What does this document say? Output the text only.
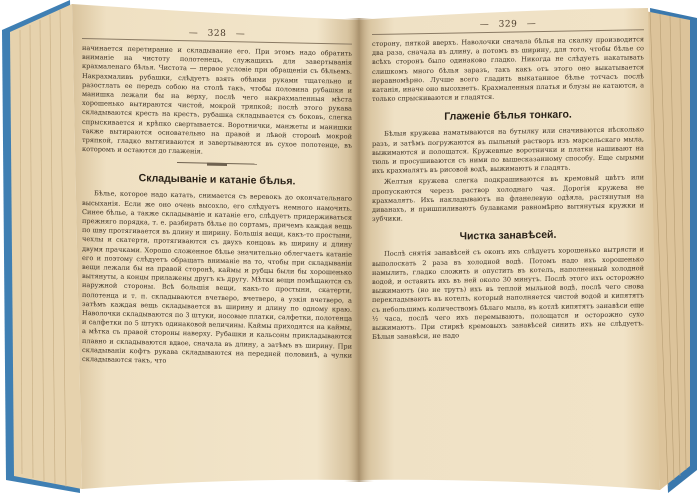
— 328 —

начинается перетирание и складывание его. При этомъ надо обратить вниманіе на чистоту полотенецъ, служащихъ для завертыванія крахмаленаго бѣлья. Чистота — первое условіе при обращеніи съ бѣльемъ. Накрахмаливъ рубашки, слѣдуетъ взять обѣими руками тщательно и разостлать ее передъ собою на столѣ такъ, чтобы половина рубашки и манишка лежали бы на верху, послѣ чего накрахмаленныя мѣста хорошенько вытираются чистой, мокрой тряпкой; послѣ этого рукава складываются кресть на крестъ, рубашка складывается съ боковъ, слегка спрыскивается и крѣпко свертывается. Воротнички, манжеты и манишки также вытираются основательно на правой и лѣвой сторонѣ мокрой тряпкой, гладко вытягиваются и завертываются въ сухое полотенце, въ которомъ и остаются до глаженія.

Складываніе и катаніе бѣлья.

Бѣлье, которое надо катать, снимается съ веревокъ до окончательнаго высыханія. Если же оно очень высохло, его слѣдуетъ немного намочить. Синее бѣлье, а также складываніе и катаніе его, слѣдуетъ придерживаться прежняго порядка, т. е. разбирать бѣлье по сортамъ, причемъ каждая вещь по шву протягивается въ длину и ширину. Большія вещи, какъ-то простыни, чехлы и скатерти, протягиваются съ двухъ концовъ въ ширину и длину двумя прачками. Хорошо сложенное бѣлье значительно облегчаетъ катаніе его и поэтому слѣдуетъ обращать вниманіе на то, чтобы при складываніи вещи лежали бы на правой сторонѣ, каймы и рубцы были бы хорошенько вытянуты, а концы прилажены другъ къ другу. Мѣтки вещи помѣщаются съ наружной стороны. Всѣ большія вещи, какъ-то простыни, скатерти, полотенца и т. п. складываются вчетверо, вчетверо, а узкія вчетверо, а затѣмъ каждая вещь складывается въ ширину и длину по одному краю. Наволочки складываются по 3 штуки, носовые платки, салфетки, полотенца и салфетки по 5 штукъ одинаковой величины. Каймы приходятся на каймы, а мѣтка съ правой стороны наверху. Рубашки и кальсоны прикладываются плавно и складываются вдвое, сначала въ длину, а затѣмъ въ ширину. При складываніи кофтъ рукава складываются на передней половинѣ, а чулки складываются такъ, что

— 329 —

сторону, пяткой вверхъ. Наволочки сначала бѣлья на скалку производится два раза, сначала въ длину, а потомъ въ ширину, для того, чтобы бѣлье со всѣхъ сторонъ было одинаково гладко. Никогда не слѣдуетъ накатывать слишкомъ много бѣлья заразъ, такъ какъ отъ этого оно выкатывается неравномѣрно. Лучше всего гладить выкатанное бѣлье тотчасъ послѣ катанія, иначе оно высохнетъ. Крахмаленныя платья и блузы не катаются, а только спрыскиваются и гладятся.

Глаженіе бѣлья тонкаго.

Бѣлыя кружева наматываются на бутылку или сначиваются нѣсколько разъ, и затѣмъ погружаются въ пыльный растворъ изъ марсельскаго мыла, выжимаются и полощатся. Кружевные воротнички и платки нашивают на тюль и просушиваются съ ними по вышесказанному способу. Еще сырыми ихъ крахмалятъ въ рисовой водѣ, выжимаютъ и гладятъ.

Желтыя кружева слегка подкрашиваются въ кремовый цвѣтъ или пропускаются черезъ раствор холоднаго чая. Дорогія кружева не крахмалятъ. Ихъ накладываютъ на фланелевую одѣяла, растянутыя на диванахъ, и пришпиливаютъ булавками равномѣрно вытянутыя кружки и зубчики.

Чистка занавѣсей.

Послѣ снятія занавѣсей съ оконъ ихъ слѣдуетъ хорошенько вытрясти и выполоскать 2 раза въ холодной водѣ. Потомъ надо ихъ хорошенько намылить, гладко сложить и опустить въ котелъ, наполненный холодной водой, и оставить ихъ въ ней около 30 минутъ. Послѣ этого ихъ осторожно выжимаютъ (но не трутъ) ихъ въ теплой мыльной водѣ, послѣ чего снова перекладываютъ въ котелъ, который наполняется чистой водой и кипятятъ съ небольшимъ количествомъ бѣлаго мыла, въ котлѣ кипятятъ занавѣси еще ½ часа, послѣ чего ихъ перемываютъ, полощатся и осторожно сухо выжимаютъ. При стиркѣ кремовыхъ занавѣсей синить ихъ не слѣдуетъ. Бѣлыя занавѣси, не надо
